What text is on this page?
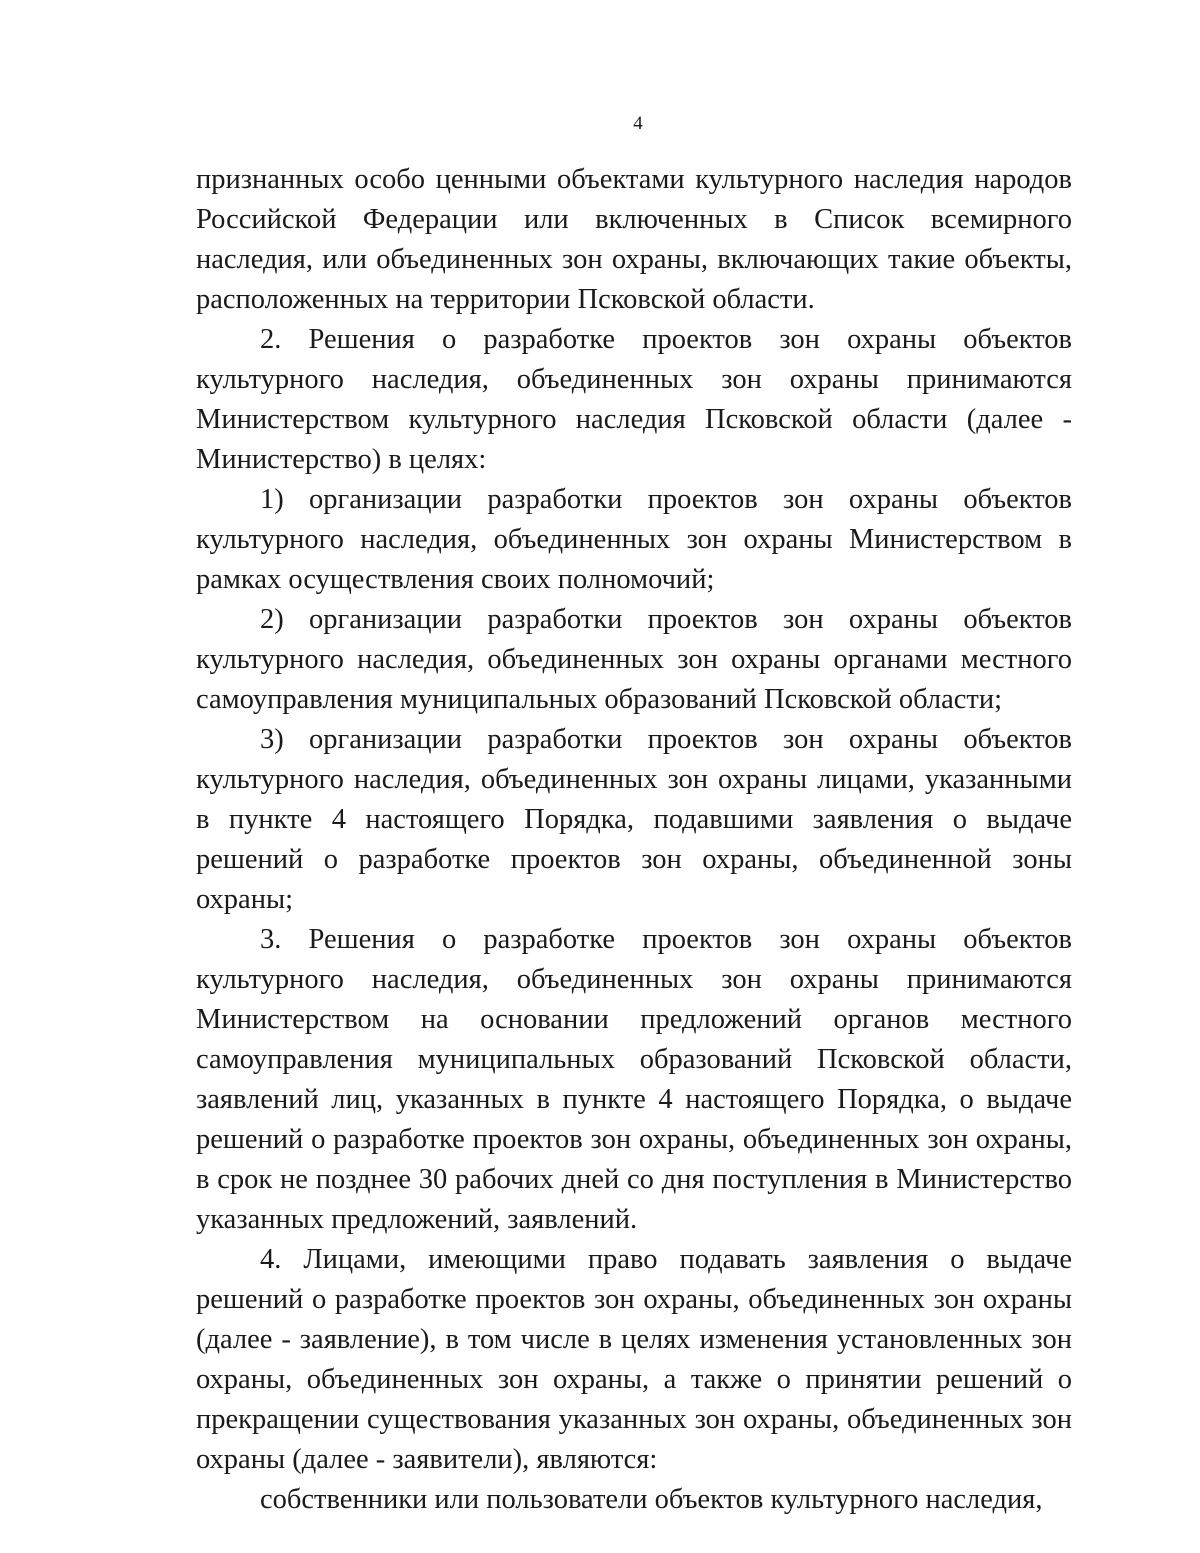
4

признанных особо ценными объектами культурного наследия народов Российской Федерации или включенных в Список всемирного наследия, или объединенных зон охраны, включающих такие объекты, расположенных на территории Псковской области.

2. Решения о разработке проектов зон охраны объектов культурного наследия, объединенных зон охраны принимаются Министерством культурного наследия Псковской области (далее - Министерство) в целях:

1) организации разработки проектов зон охраны объектов культурного наследия, объединенных зон охраны Министерством в рамках осуществления своих полномочий;

2) организации разработки проектов зон охраны объектов культурного наследия, объединенных зон охраны органами местного самоуправления муниципальных образований Псковской области;

3) организации разработки проектов зон охраны объектов культурного наследия, объединенных зон охраны лицами, указанными в пункте 4 настоящего Порядка, подавшими заявления о выдаче решений о разработке проектов зон охраны, объединенной зоны охраны;

3. Решения о разработке проектов зон охраны объектов культурного наследия, объединенных зон охраны принимаются Министерством на основании предложений органов местного самоуправления муниципальных образований Псковской области, заявлений лиц, указанных в пункте 4 настоящего Порядка, о выдаче решений о разработке проектов зон охраны, объединенных зон охраны, в срок не позднее 30 рабочих дней со дня поступления в Министерство указанных предложений, заявлений.

4. Лицами, имеющими право подавать заявления о выдаче решений о разработке проектов зон охраны, объединенных зон охраны (далее - заявление), в том числе в целях изменения установленных зон охраны, объединенных зон охраны, а также о принятии решений о прекращении существования указанных зон охраны, объединенных зон охраны (далее - заявители), являются:

собственники или пользователи объектов культурного наследия,
